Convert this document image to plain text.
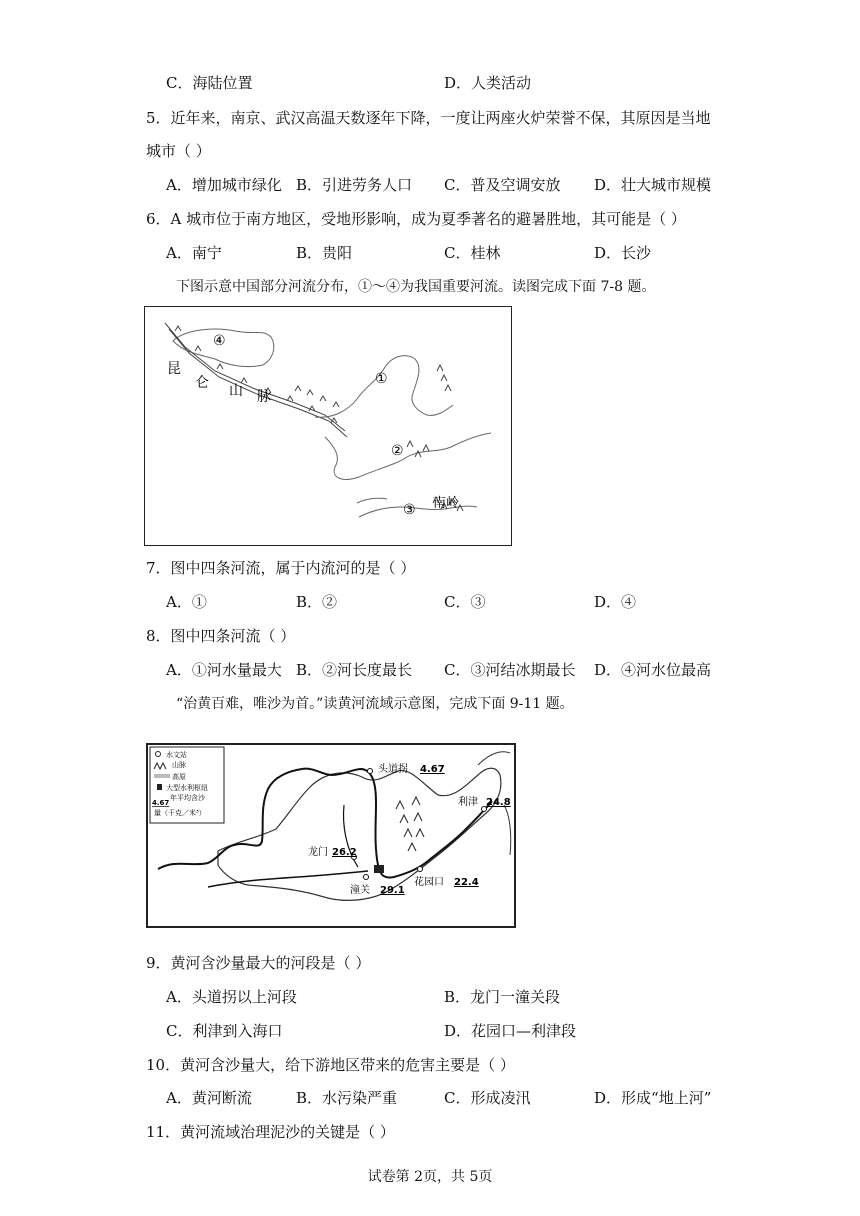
C．海陆位置	D．人类活动
5．近年来，南京、武汉高温天数逐年下降，一度让两座火炉荣誉不保，其原因是当地
城市（ ）
A．增加城市绿化 B．引进劳务人口 C．普及空调安放 D．壮大城市规模
6．A 城市位于南方地区，受地形影响，成为夏季著名的避暑胜地，其可能是（ ）
A．南宁	B．贵阳	C．桂林	D．长沙
下图示意中国部分河流分布，①～④为我国重要河流。读图完成下面 7-8 题。
④
①
②
③
昆
仑 山 脉
南岭
7．图中四条河流，属于内流河的是（ ）
A．①	B．②	C．③	D．④
8．图中四条河流（ ）
A．①河水量最大 B．②河长度最长 C．③河结冰期最长 D．④河水位最高
“治黄百难，唯沙为首。”读黄河流域示意图，完成下面 9-11 题。
水文站
山脉
高原
大型水利枢纽
4.67
年平均含沙
量（千克／米³）
头道拐 4.67
利津 24.8
龙门 26.2
潼关 29.1
花园口 22.4
9．黄河含沙量最大的河段是（ ）
A．头道拐以上河段	B．龙门一潼关段
C．利津到入海口	D．花园口—利津段
10．黄河含沙量大，给下游地区带来的危害主要是（ ）
A．黄河断流	B．水污染严重	C．形成凌汛	D．形成“地上河”
11．黄河流域治理泥沙的关键是（ ）
试卷第 2页，共 5页
